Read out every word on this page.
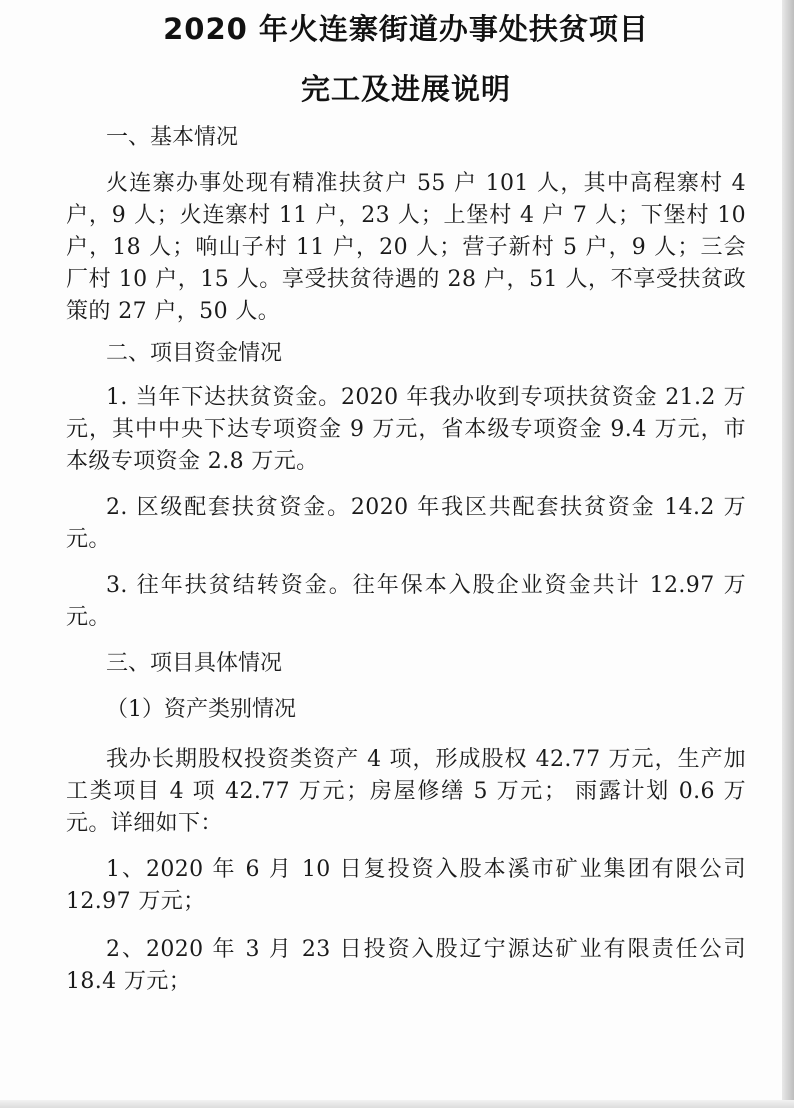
2020 年火连寨街道办事处扶贫项目
完工及进展说明

一、基本情况

火连寨办事处现有精准扶贫户 55 户 101 人，其中高程寨村 4 户，9 人；火连寨村 11 户，23 人；上堡村 4 户 7 人；下堡村 10 户，18 人；响山子村 11 户，20 人；营子新村 5 户，9 人；三会厂村 10 户，15 人。享受扶贫待遇的 28 户，51 人，不享受扶贫政策的 27 户，50 人。

二、项目资金情况

1. 当年下达扶贫资金。2020 年我办收到专项扶贫资金 21.2 万元，其中中央下达专项资金 9 万元，省本级专项资金 9.4 万元，市本级专项资金 2.8 万元。

2. 区级配套扶贫资金。2020 年我区共配套扶贫资金 14.2 万元。

3. 往年扶贫结转资金。往年保本入股企业资金共计 12.97 万元。

三、项目具体情况

（1）资产类别情况

我办长期股权投资类资产 4 项，形成股权 42.77 万元，生产加工类项目 4 项 42.77 万元；房屋修缮 5 万元； 雨露计划 0.6 万元。详细如下：

1、2020 年 6 月 10 日复投资入股本溪市矿业集团有限公司 12.97 万元；

2、2020 年 3 月 23 日投资入股辽宁源达矿业有限责任公司 18.4 万元；
